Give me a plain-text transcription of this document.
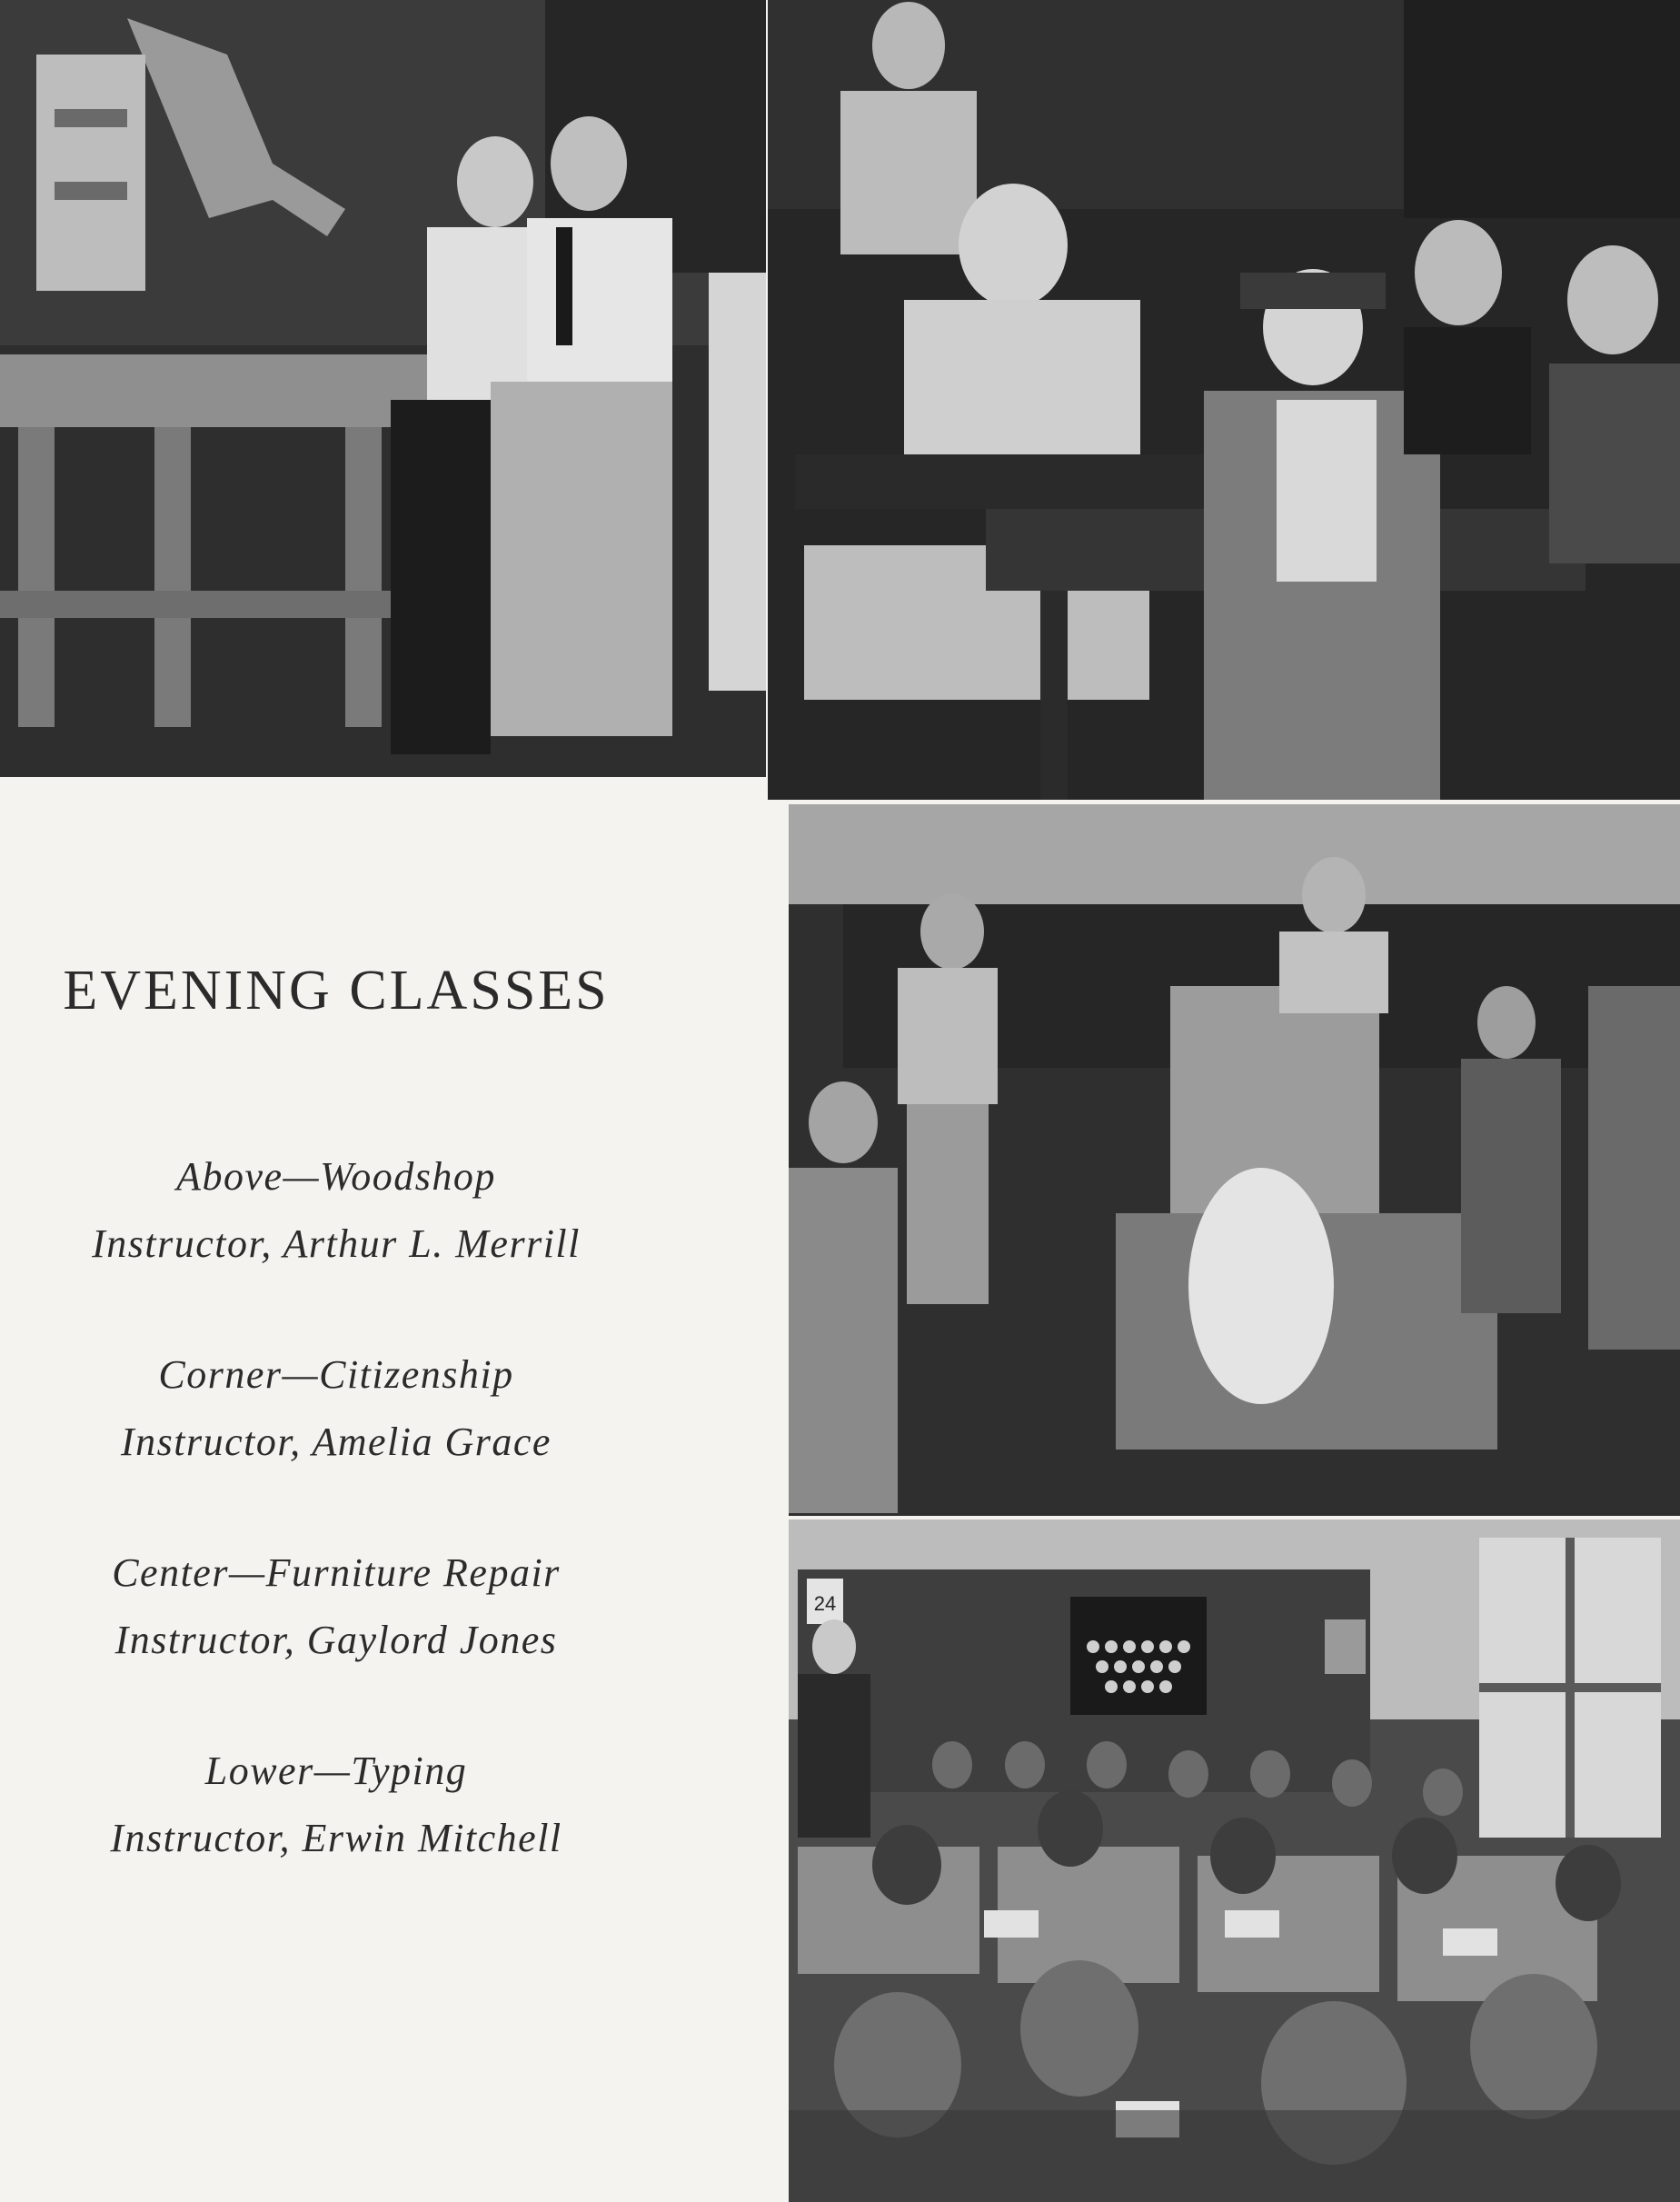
24
EVENING CLASSES
Above—Woodshop
Instructor, Arthur L. Merrill
Corner—Citizenship
Instructor, Amelia Grace
Center—Furniture Repair
Instructor, Gaylord Jones
Lower—Typing
Instructor, Erwin Mitchell
